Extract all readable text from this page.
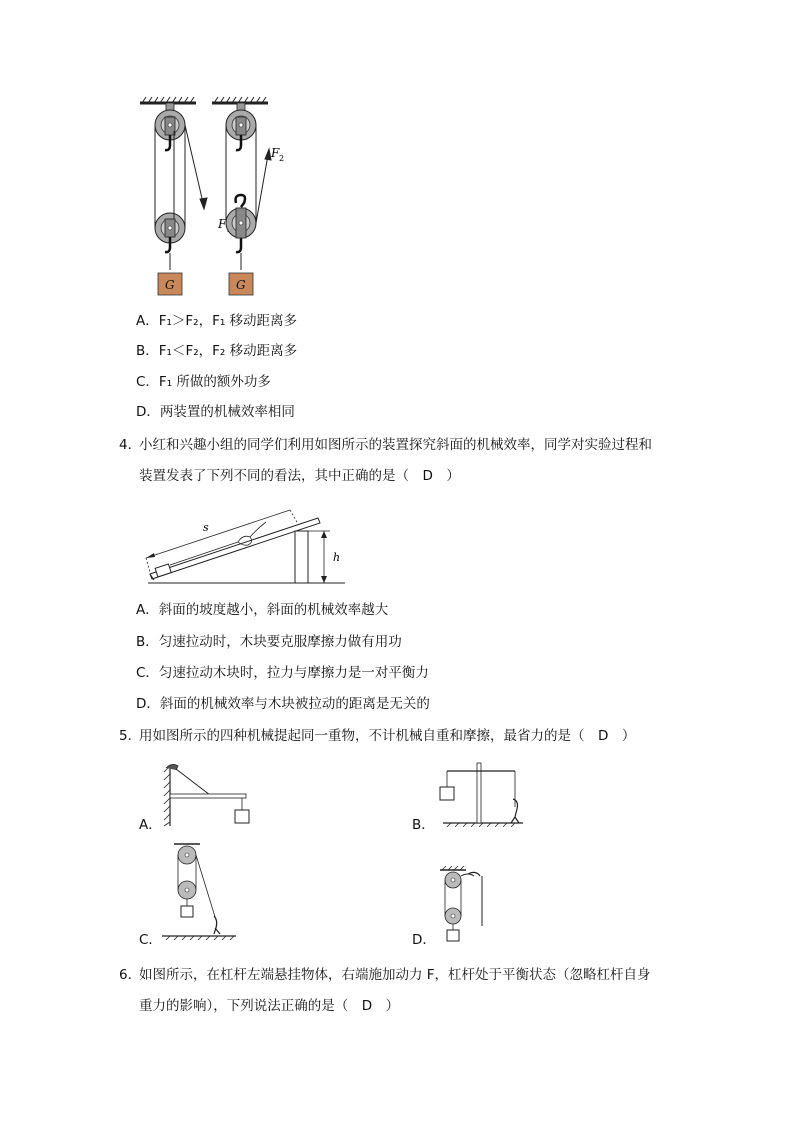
F
G
F 2
G
A．F₁＞F₂，F₁ 移动距离多
B．F₁＜F₂，F₂ 移动距离多
C．F₁ 所做的额外功多
D．两装置的机械效率相同
4．
小红和兴趣小组的同学们利用如图所示的装置探究斜面的机械效率，同学对实验过程和
装置发表了下列不同的看法，其中正确的是（　D　）
s
h
A．斜面的坡度越小，斜面的机械效率越大
B．匀速拉动时，木块要克服摩擦力做有用功
C．匀速拉动木块时，拉力与摩擦力是一对平衡力
D．斜面的机械效率与木块被拉动的距离是无关的
5．
用如图所示的四种机械提起同一重物，不计机械自重和摩擦，最省力的是（　D　）
A．	B．
C．	D．
6．
如图所示，在杠杆左端悬挂物体，右端施加动力 F，杠杆处于平衡状态（忽略杠杆自身
重力的影响），下列说法正确的是（　D　）
